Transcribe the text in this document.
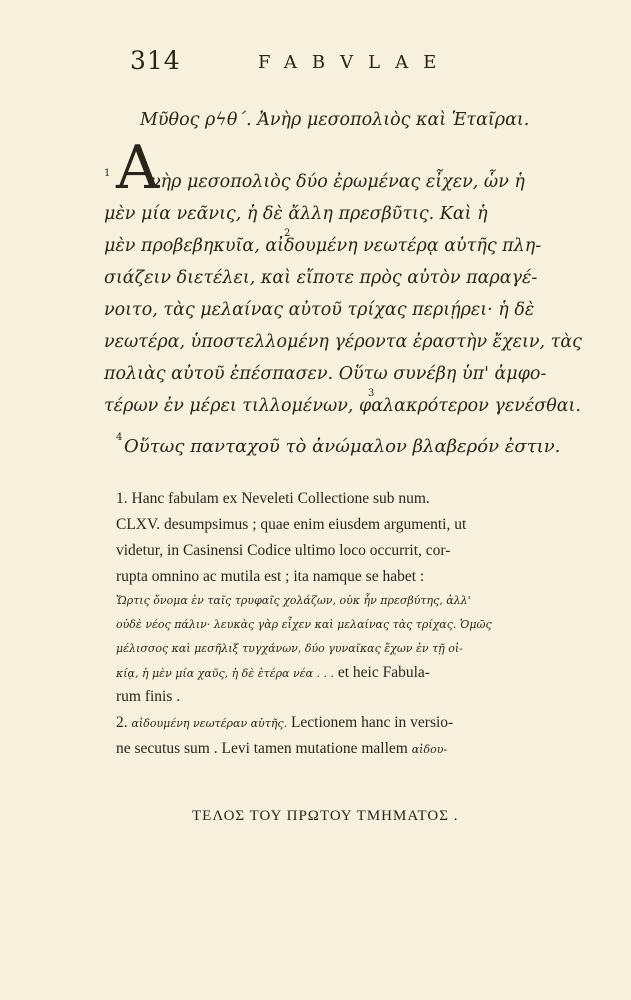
314	FABVLAE
Μῦθος ρϟθ΄. Ἀνὴρ μεσοπολιὸς καὶ Ἑταῖραι.
1 Α
νὴρ μεσοπολιὸς δύο ἐρωμένας εἶχεν, ὧν ἡ
μὲν μία νεᾶνις, ἡ δὲ ἄλλη πρεσβῦτις. Καὶ ἡ
μὲν προβεβηκυῖα, αἰδουμένη νεωτέρᾳ αὐτῆς πλη-
2
σιάζειν διετέλει, καὶ εἴποτε πρὸς αὐτὸν παραγέ-
νοιτο, τὰς μελαίνας αὐτοῦ τρίχας περιῄρει· ἡ δὲ
νεωτέρα, ὑποστελλομένη γέροντα ἐραστὴν ἔχειν, τὰς
πολιὰς αὐτοῦ ἐπέσπασεν. Οὕτω συνέβη ὑπ' ἀμφο-
τέρων ἐν μέρει τιλλομένων, φαλακρότερον γενέσθαι.
3
4 Οὕτως πανταχοῦ τὸ ἀνώμαλον βλαβερόν ἐστιν.
1. Hanc fabulam ex Neveleti Collectione sub num.
CLXV. desumpsimus ; quae enim eiusdem argumenti, ut
videtur, in Casinensi Codice ultimo loco occurrit, cor-
rupta omnino ac mutila est ; ita namque se habet :
Ὥρτις ὄνομα ἐν ταῖς τρυφαῖς χολάζων, οὐκ ἦν πρεσβύτης, ἀλλ'
οὐδὲ νέος πάλιν· λευκὰς γὰρ εἶχεν καὶ μελαίνας τὰς τρίχας. Ὁμῶς
μέλισσος καὶ μεσῆλιξ τυγχάνων, δύο γυναῖκας ἔχων ἐν τῇ οἰ-
κίᾳ, ἡ μὲν μία χαῦς, ἡ δὲ ἑτέρα νέα . . . et heic Fabula-
rum finis .
2. αἰδουμένη νεωτέραν αὐτῆς. Lectionem hanc in versio-
ne secutus sum . Levi tamen mutatione mallem αἰδου-
ΤΕΛΟΣ ΤΟΥ ΠΡΩΤΟΥ ΤΜΗΜΑΤΟΣ .
